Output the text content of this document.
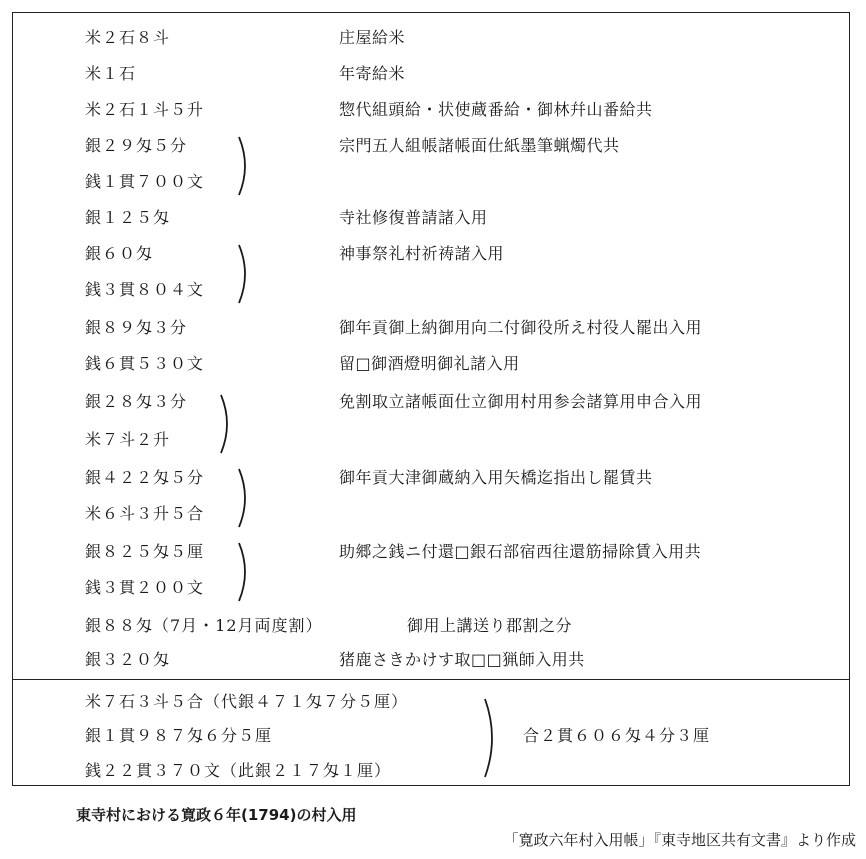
米２石８斗	庄屋給米
米１石	年寄給米
米２石１斗５升	惣代組頭給・状使蔵番給・御林幷山番給共
銀２９匁５分	宗門五人組帳諸帳面仕紙墨筆蝋燭代共
銭１貫７００文
銀１２５匁	寺社修復普請諸入用
銀６０匁	神事祭礼村祈祷諸入用
銭３貫８０４文
銀８９匁３分	御年貢御上納御用向二付御役所え村役人罷出入用
銭６貫５３０文	留□御酒燈明御礼諸入用
銀２８匁３分	免割取立諸帳面仕立御用村用参会諸算用申合入用
米７斗２升
銀４２２匁５分	御年貢大津御蔵納入用矢橋迄指出し罷賃共
米６斗３升５合
銀８２５匁５厘	助郷之銭ニ付還□銀石部宿西往還筋掃除賃入用共
銭３貫２００文
銀８８匁（7月・12月両度割）	御用上講送り郡割之分
銀３２０匁	猪鹿さきかけす取□□猟師入用共
米７石３斗５合（代銀４７１匁７分５厘）
銀１貫９８７匁６分５厘
銭２２貫３７０文（此銀２１７匁１厘）
合２貫６０６匁４分３厘
東寺村における寛政６年(1794)の村入用
「寛政六年村入用帳」『東寺地区共有文書』より作成
